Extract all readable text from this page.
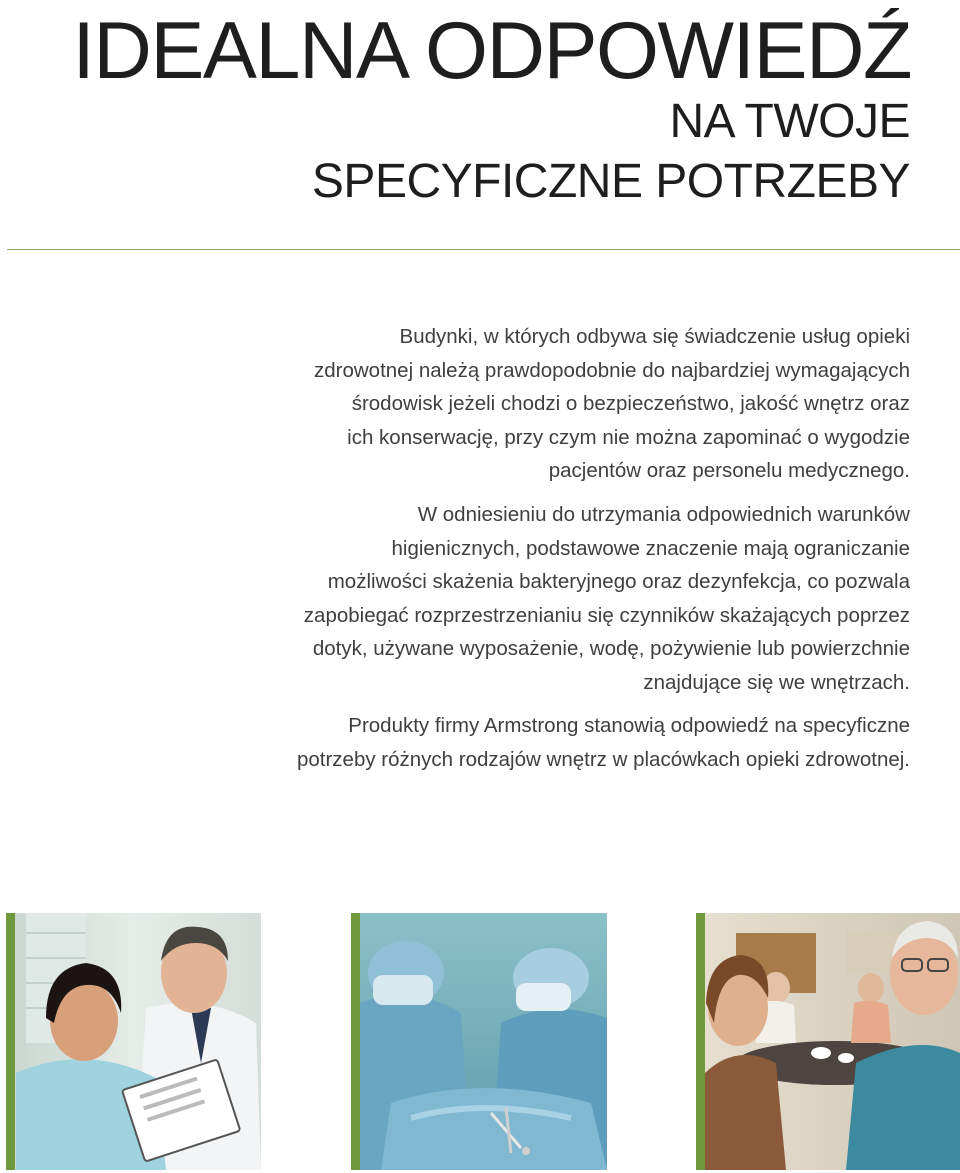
IDEALNA ODPOWIEDŹ
NA TWOJE
SPECYFICZNE POTRZEBY

Budynki, w których odbywa się świadczenie usług opieki
zdrowotnej należą prawdopodobnie do najbardziej wymagających
środowisk jeżeli chodzi o bezpieczeństwo, jakość wnętrz oraz
ich konserwację, przy czym nie można zapominać o wygodzie
pacjentów oraz personelu medycznego.

W odniesieniu do utrzymania odpowiednich warunków
higienicznych, podstawowe znaczenie mają ograniczanie
możliwości skażenia bakteryjnego oraz dezynfekcja, co pozwala
zapobiegać rozprzestrzenianiu się czynników skażających poprzez
dotyk, używane wyposażenie, wodę, pożywienie lub powierzchnie
znajdujące się we wnętrzach.

Produkty firmy Armstrong stanowią odpowiedź na specyficzne
potrzeby różnych rodzajów wnętrz w placówkach opieki zdrowotnej.
